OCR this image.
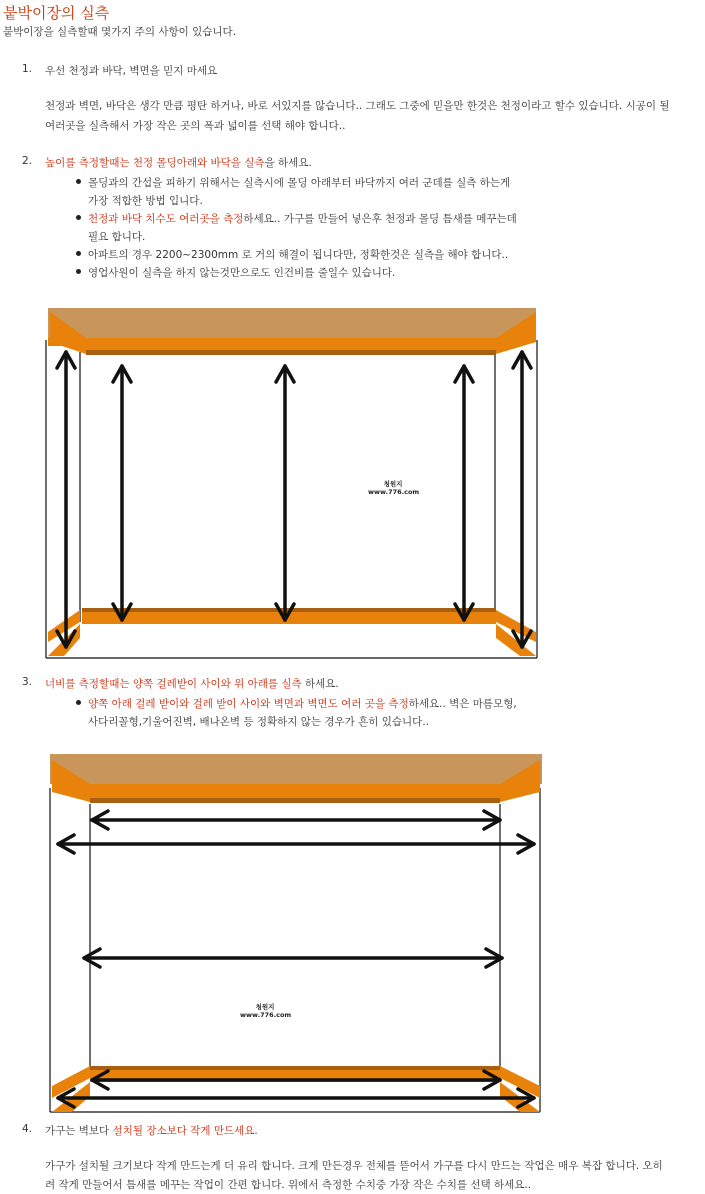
붙박이장의 실측
붙박이장을 실측할때 몇가지 주의 사항이 있습니다.
1. 우선 천정과 바닥, 벽면을 믿지 마세요
천정과 벽면, 바닥은 생각 만큼 평탄 하거나, 바로 서있지를 않습니다.. 그래도 그중에 믿을만 한것은 천정이라고 할수 있습니다. 시공이 될
여러곳을 실측해서 가장 작은 곳의 폭과 넓이를 선택 해야 합니다..
2. 높이를 측정할때는 천정 몰딩아래와 바닥을 실측을 하세요.
몰딩과의 간섭을 피하기 위해서는 실측시에 몰딩 아래부터 바닥까지 여러 군데를 실측 하는게
가장 적합한 방법 입니다.
천정과 바닥 치수도 여러곳을 측정하세요.. 가구를 만들어 넣은후 천정과 몰딩 틈새를 메꾸는데
필요 합니다.
아파트의 경우 2200~2300mm 로 거의 해결이 됩니다만, 정확한것은 실측을 해야 합니다..
영업사원이 실측을 하지 않는것만으로도 인건비를 줄일수 있습니다.
청원지
www.776.com
3. 너비를 측정할때는 양쪽 걸레받이 사이와 위 아래를 실측 하세요.
양쪽 아래 걸레 받이와 걸레 받이 사이와 벽면과 벽면도 여러 곳을 측정하세요.. 벽은 마름모형,
사다리꼴형,기울어진벽, 배나온벽 등 정확하지 않는 경우가 흔히 있습니다..
청원지
www.776.com
4. 가구는 벽보다 설치될 장소보다 작게 만드세요.
가구가 설치될 크기보다 작게 만드는게 더 유리 합니다. 크게 만든경우 전체를 뜯어서 가구를 다시 만드는 작업은 매우 복잡 합니다. 오히
려 작게 만들어서 틈새를 메꾸는 작업이 간편 합니다. 위에서 측정한 수치중 가장 작은 수치를 선택 하세요..
